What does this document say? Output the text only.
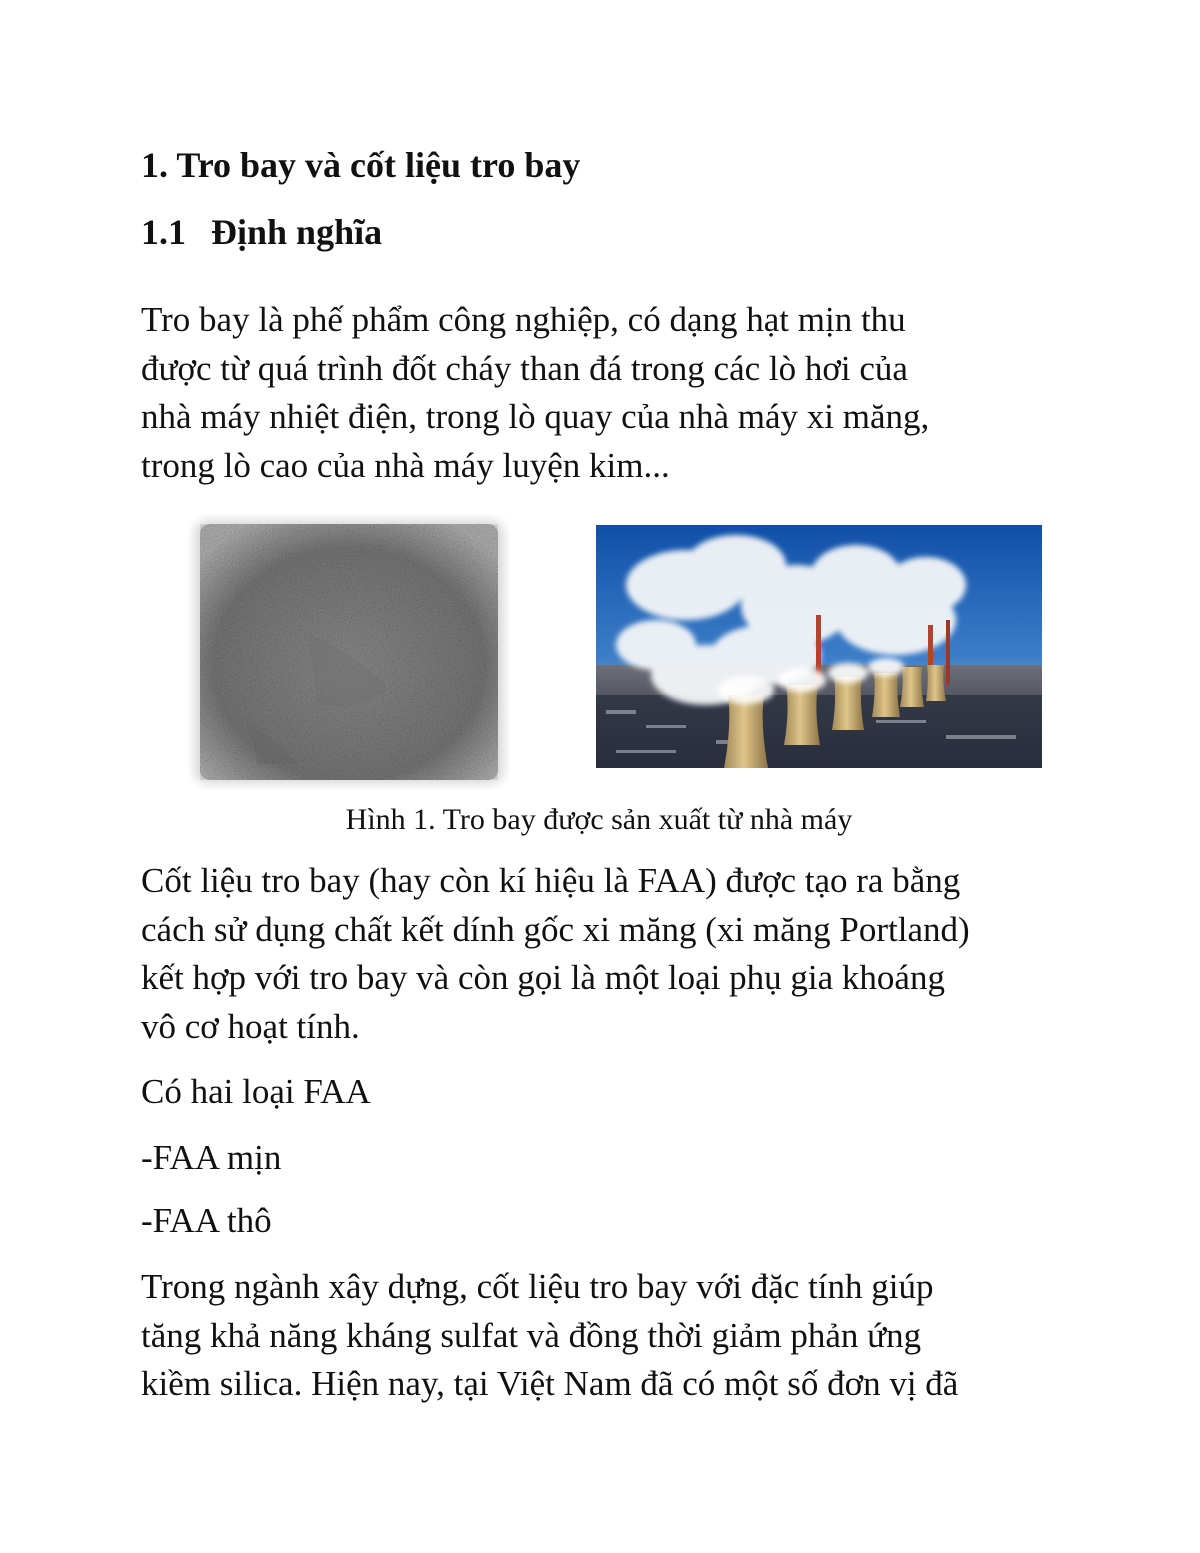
1. Tro bay và cốt liệu tro bay
1.1 Định nghĩa
Tro bay là phế phẩm công nghiệp, có dạng hạt mịn thu
được từ quá trình đốt cháy than đá trong các lò hơi của
nhà máy nhiệt điện, trong lò quay của nhà máy xi măng,
trong lò cao của nhà máy luyện kim...
Hình 1. Tro bay được sản xuất từ nhà máy
Cốt liệu tro bay (hay còn kí hiệu là FAA) được tạo ra bằng
cách sử dụng chất kết dính gốc xi măng (xi măng Portland)
kết hợp với tro bay và còn gọi là một loại phụ gia khoáng
vô cơ hoạt tính.
Có hai loại FAA
-FAA mịn
-FAA thô
Trong ngành xây dựng, cốt liệu tro bay với đặc tính giúp
tăng khả năng kháng sulfat và đồng thời giảm phản ứng
kiềm silica. Hiện nay, tại Việt Nam đã có một số đơn vị đã
